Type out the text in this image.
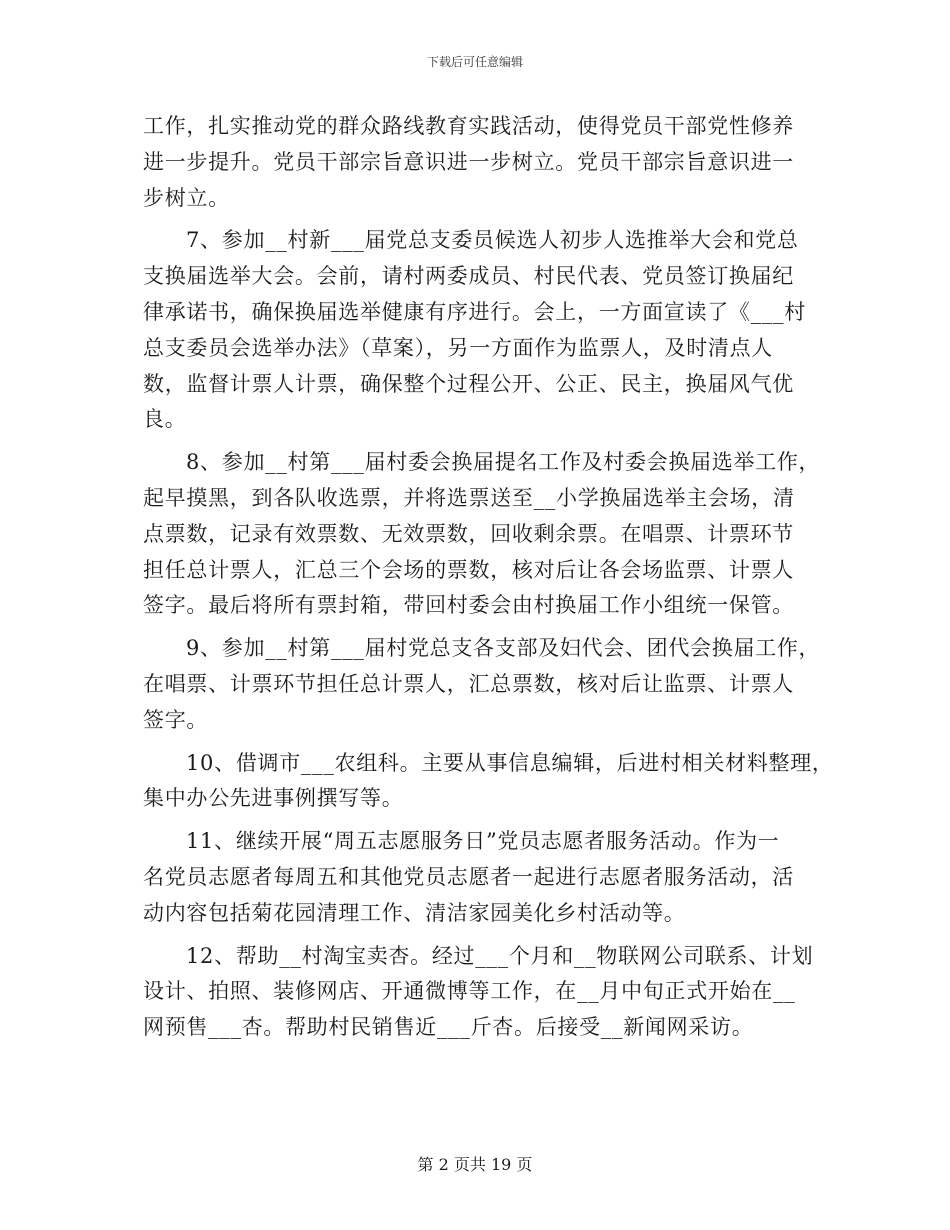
下载后可任意编辑
工作，扎实推动党的群众路线教育实践活动，使得党员干部党性修养
进一步提升。党员干部宗旨意识进一步树立。党员干部宗旨意识进一
步树立。
7、参加__村新___届党总支委员候选人初步人选推举大会和党总
支换届选举大会。会前，请村两委成员、村民代表、党员签订换届纪
律承诺书，确保换届选举健康有序进行。会上，一方面宣读了《___村
总支委员会选举办法》（草案），另一方面作为监票人，及时清点人
数，监督计票人计票，确保整个过程公开、公正、民主，换届风气优
良。
8、参加__村第___届村委会换届提名工作及村委会换届选举工作，
起早摸黑，到各队收选票，并将选票送至__小学换届选举主会场，清
点票数，记录有效票数、无效票数，回收剩余票。在唱票、计票环节
担任总计票人，汇总三个会场的票数，核对后让各会场监票、计票人
签字。最后将所有票封箱，带回村委会由村换届工作小组统一保管。
9、参加__村第___届村党总支各支部及妇代会、团代会换届工作，
在唱票、计票环节担任总计票人，汇总票数，核对后让监票、计票人
签字。
10、借调市___农组科。主要从事信息编辑，后进村相关材料整理，
集中办公先进事例撰写等。
11、继续开展“周五志愿服务日”党员志愿者服务活动。作为一
名党员志愿者每周五和其他党员志愿者一起进行志愿者服务活动，活
动内容包括菊花园清理工作、清洁家园美化乡村活动等。
12、帮助__村淘宝卖杏。经过___个月和__物联网公司联系、计划
设计、拍照、装修网店、开通微博等工作，在__月中旬正式开始在__
网预售___杏。帮助村民销售近___斤杏。后接受__新闻网采访。
第 2 页共 19 页
